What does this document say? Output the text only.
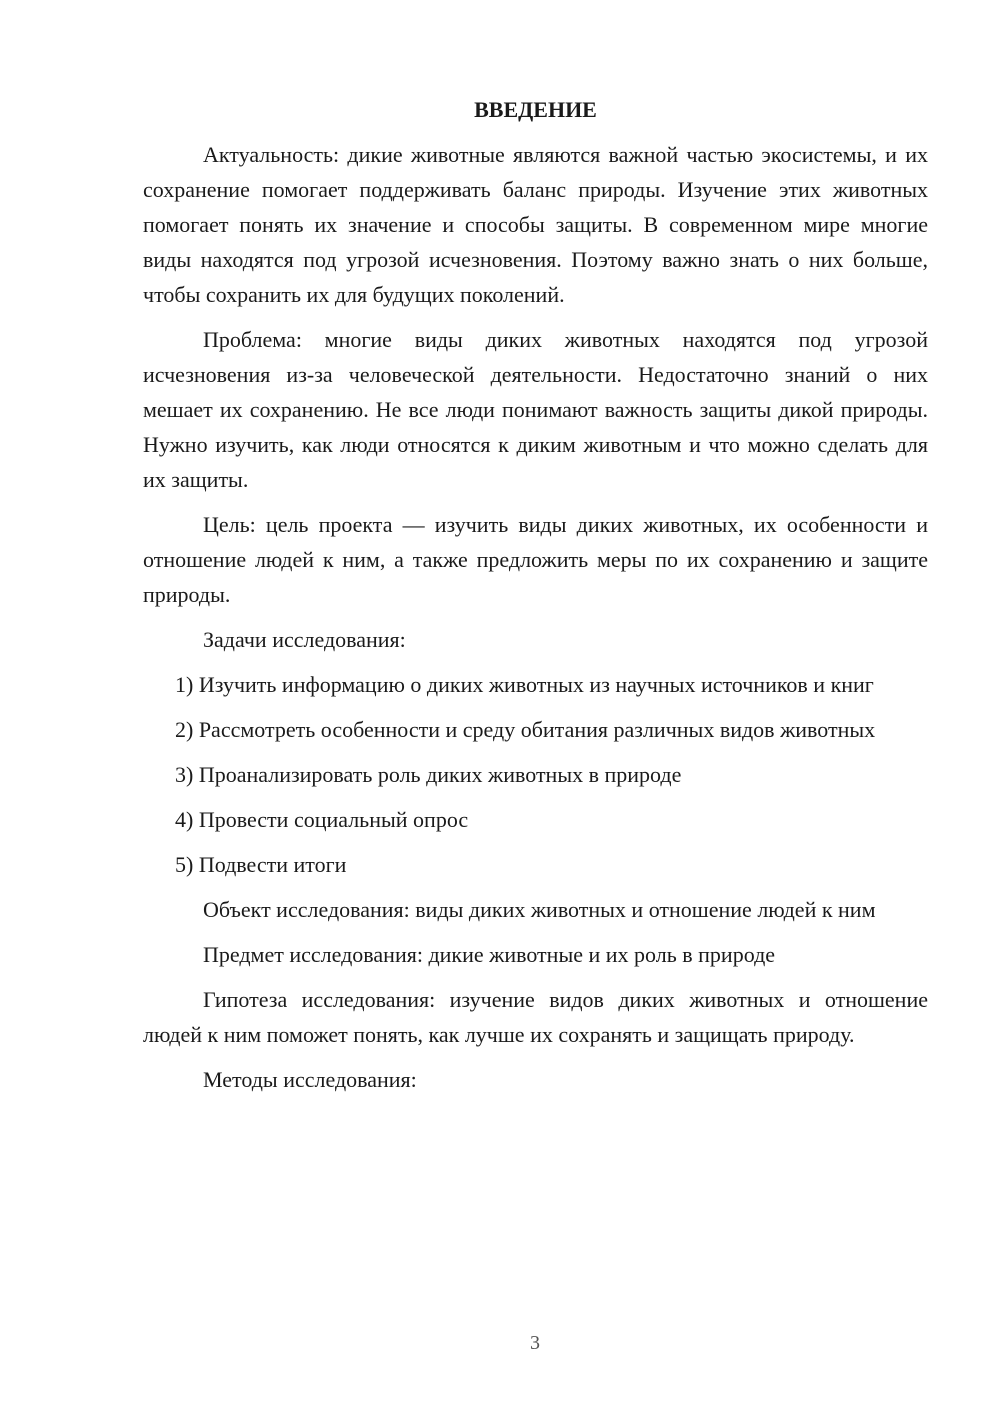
ВВЕДЕНИЕ

Актуальность: дикие животные являются важной частью экосистемы, и их сохранение помогает поддерживать баланс природы. Изучение этих животных помогает понять их значение и способы защиты. В современном мире многие виды находятся под угрозой исчезновения. Поэтому важно знать о них больше, чтобы сохранить их для будущих поколений.

Проблема: многие виды диких животных находятся под угрозой исчезновения из-за человеческой деятельности. Недостаточно знаний о них мешает их сохранению. Не все люди понимают важность защиты дикой природы. Нужно изучить, как люди относятся к диким животным и что можно сделать для их защиты.

Цель: цель проекта — изучить виды диких животных, их особенности и отношение людей к ним, а также предложить меры по их сохранению и защите природы.

Задачи исследования:

1) Изучить информацию о диких животных из научных источников и книг

2) Рассмотреть особенности и среду обитания различных видов животных

3) Проанализировать роль диких животных в природе

4) Провести социальный опрос

5) Подвести итоги

Объект исследования: виды диких животных и отношение людей к ним

Предмет исследования: дикие животные и их роль в природе

Гипотеза исследования: изучение видов диких животных и отношение людей к ним поможет понять, как лучше их сохранять и защищать природу.

Методы исследования:

3
